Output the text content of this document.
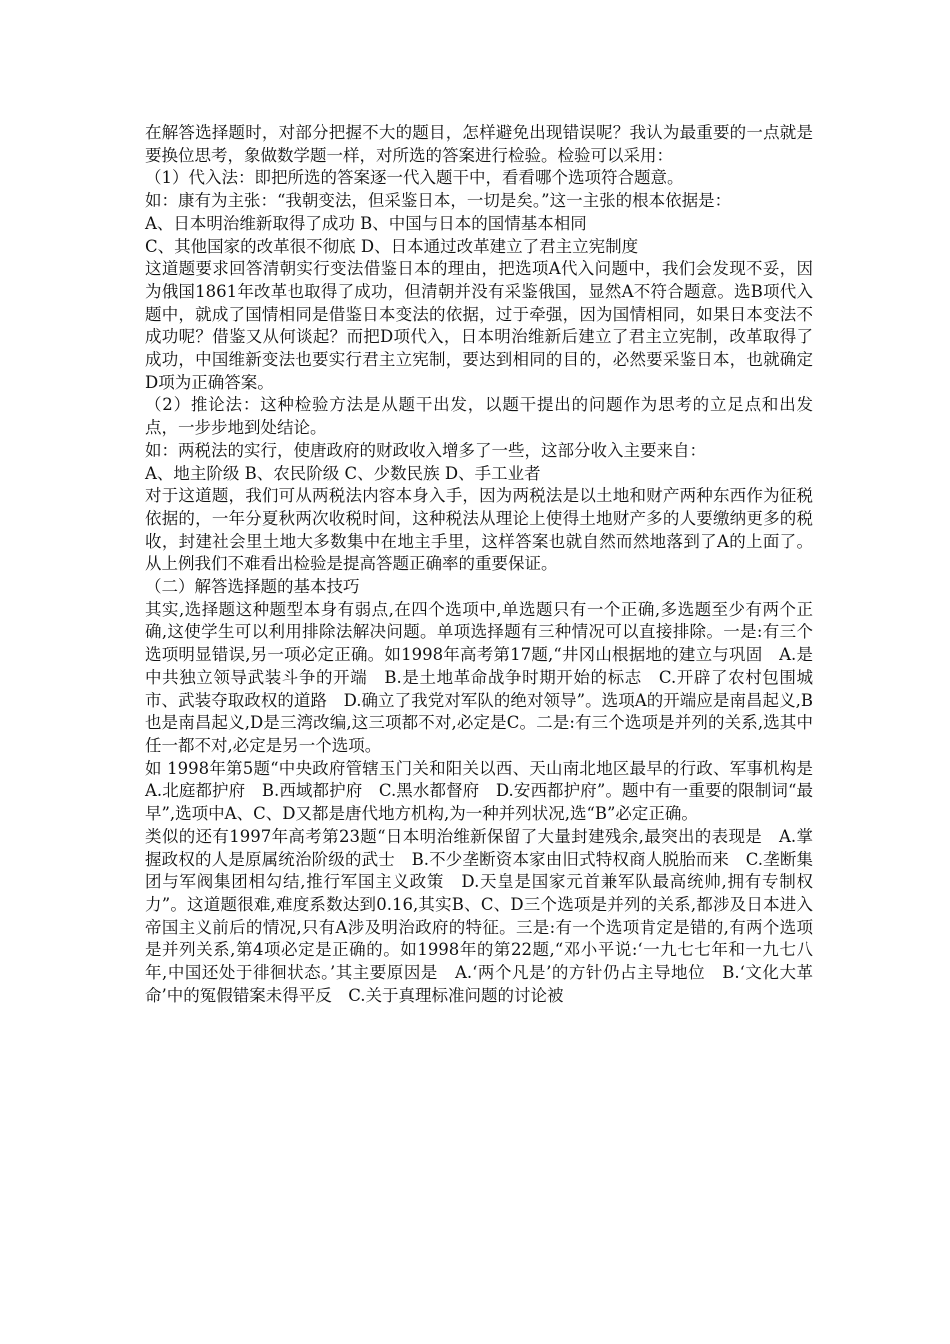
在解答选择题时，对部分把握不大的题目，怎样避免出现错误呢？我认为最重要的一点就是要换位思考，象做数学题一样，对所选的答案进行检验。检验可以采用：

（1）代入法：即把所选的答案逐一代入题干中，看看哪个选项符合题意。

如：康有为主张：“我朝变法，但采鉴日本，一切是矣。”这一主张的根本依据是：

A、日本明治维新取得了成功 B、中国与日本的国情基本相同

C、其他国家的改革很不彻底 D、日本通过改革建立了君主立宪制度

这道题要求回答清朝实行变法借鉴日本的理由，把选项A代入问题中，我们会发现不妥，因为俄国1861年改革也取得了成功，但清朝并没有采鉴俄国，显然A不符合题意。选B项代入题中，就成了国情相同是借鉴日本变法的依据，过于牵强，因为国情相同，如果日本变法不成功呢？借鉴又从何谈起？而把D项代入，日本明治维新后建立了君主立宪制，改革取得了成功，中国维新变法也要实行君主立宪制，要达到相同的目的，必然要采鉴日本，也就确定D项为正确答案。

（2）推论法：这种检验方法是从题干出发，以题干提出的问题作为思考的立足点和出发点，一步步地到处结论。

如：两税法的实行，使唐政府的财政收入增多了一些，这部分收入主要来自：

A、地主阶级 B、农民阶级 C、少数民族 D、手工业者

对于这道题，我们可从两税法内容本身入手，因为两税法是以土地和财产两种东西作为征税依据的，一年分夏秋两次收税时间，这种税法从理论上使得土地财产多的人要缴纳更多的税收，封建社会里土地大多数集中在地主手里，这样答案也就自然而然地落到了A的上面了。从上例我们不难看出检验是提高答题正确率的重要保证。

（二）解答选择题的基本技巧

其实,选择题这种题型本身有弱点,在四个选项中,单选题只有一个正确,多选题至少有两个正确,这使学生可以利用排除法解决问题。单项选择题有三种情况可以直接排除。一是:有三个选项明显错误,另一项必定正确。如1998年高考第17题,“井冈山根据地的建立与巩固　A.是中共独立领导武装斗争的开端　B.是土地革命战争时期开始的标志　C.开辟了农村包围城市、武装夺取政权的道路　D.确立了我党对军队的绝对领导”。选项A的开端应是南昌起义,B也是南昌起义,D是三湾改编,这三项都不对,必定是C。二是:有三个选项是并列的关系,选其中任一都不对,必定是另一个选项。

如 1998年第5题“中央政府管辖玉门关和阳关以西、天山南北地区最早的行政、军事机构是　A.北庭都护府　B.西域都护府　C.黑水都督府　D.安西都护府”。题中有一重要的限制词“最早”,选项中A、C、D又都是唐代地方机构,为一种并列状况,选“B”必定正确。

类似的还有1997年高考第23题“日本明治维新保留了大量封建残余,最突出的表现是　A.掌握政权的人是原属统治阶级的武士　B.不少垄断资本家由旧式特权商人脱胎而来　C.垄断集团与军阀集团相勾结,推行军国主义政策　D.天皇是国家元首兼军队最高统帅,拥有专制权力”。这道题很难,难度系数达到0.16,其实B、C、D三个选项是并列的关系,都涉及日本进入帝国主义前后的情况,只有A涉及明治政府的特征。三是:有一个选项肯定是错的,有两个选项是并列关系,第4项必定是正确的。如1998年的第22题,“邓小平说:‘一九七七年和一九七八年,中国还处于徘徊状态。’其主要原因是　A.‘两个凡是’的方针仍占主导地位　B.‘文化大革命’中的冤假错案未得平反　C.关于真理标准问题的讨论被
